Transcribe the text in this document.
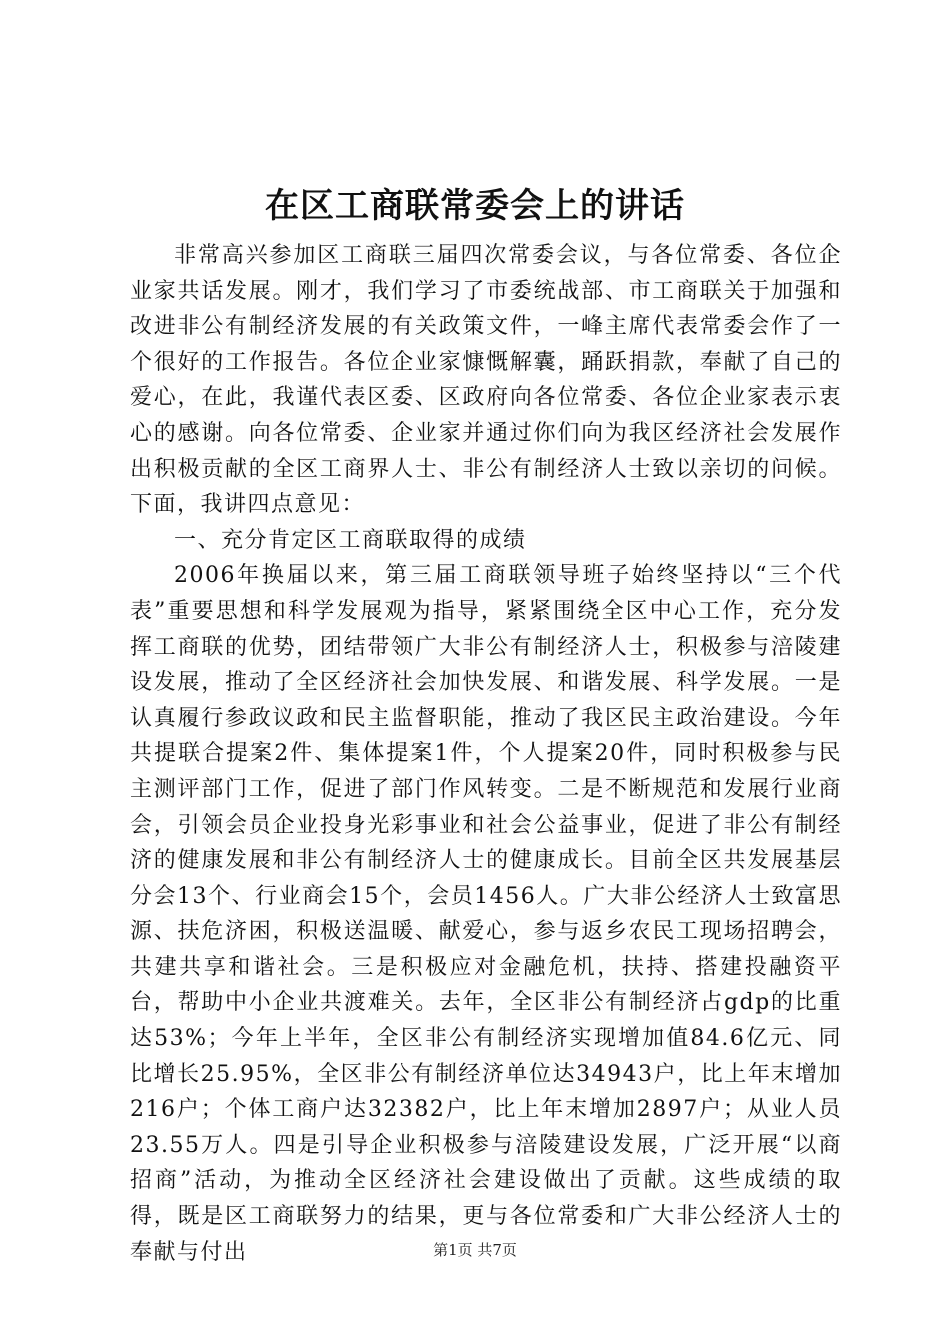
在区工商联常委会上的讲话

非常高兴参加区工商联三届四次常委会议，与各位常委、各位企业家共话发展。刚才，我们学习了市委统战部、市工商联关于加强和改进非公有制经济发展的有关政策文件，一峰主席代表常委会作了一个很好的工作报告。各位企业家慷慨解囊，踊跃捐款，奉献了自己的爱心，在此，我谨代表区委、区政府向各位常委、各位企业家表示衷心的感谢。向各位常委、企业家并通过你们向为我区经济社会发展作出积极贡献的全区工商界人士、非公有制经济人士致以亲切的问候。下面，我讲四点意见：

一、充分肯定区工商联取得的成绩

2006年换届以来，第三届工商联领导班子始终坚持以“三个代表”重要思想和科学发展观为指导，紧紧围绕全区中心工作，充分发挥工商联的优势，团结带领广大非公有制经济人士，积极参与涪陵建设发展，推动了全区经济社会加快发展、和谐发展、科学发展。一是认真履行参政议政和民主监督职能，推动了我区民主政治建设。今年共提联合提案2件、集体提案1件，个人提案20件，同时积极参与民主测评部门工作，促进了部门作风转变。二是不断规范和发展行业商会，引领会员企业投身光彩事业和社会公益事业，促进了非公有制经济的健康发展和非公有制经济人士的健康成长。目前全区共发展基层分会13个、行业商会15个，会员1456人。广大非公经济人士致富思源、扶危济困，积极送温暖、献爱心，参与返乡农民工现场招聘会，共建共享和谐社会。三是积极应对金融危机，扶持、搭建投融资平台，帮助中小企业共渡难关。去年，全区非公有制经济占gdp的比重达53%；今年上半年，全区非公有制经济实现增加值84.6亿元、同比增长25.95%，全区非公有制经济单位达34943户，比上年末增加216户；个体工商户达32382户，比上年末增加2897户；从业人员23.55万人。四是引导企业积极参与涪陵建设发展，广泛开展“以商招商”活动，为推动全区经济社会建设做出了贡献。这些成绩的取得，既是区工商联努力的结果，更与各位常委和广大非公经济人士的奉献与付出	第1页 共7页
